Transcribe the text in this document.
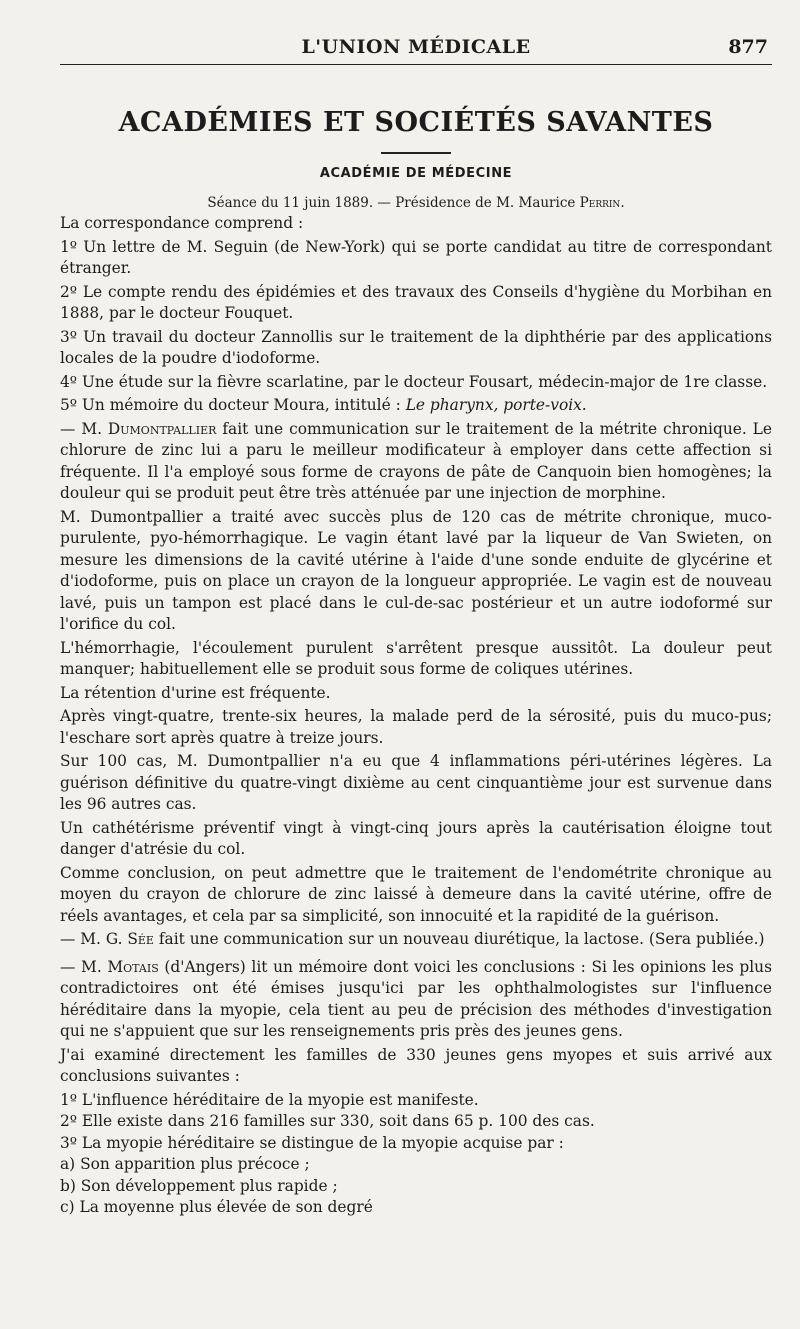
L'UNION MÉDICALE	877
ACADÉMIES ET SOCIÉTÉS SAVANTES
ACADÉMIE DE MÉDECINE
Séance du 11 juin 1889. — Présidence de M. Maurice Perrin.

La correspondance comprend :

1º Un lettre de M. Seguin (de New-York) qui se porte candidat au titre de correspondant étranger.

2º Le compte rendu des épidémies et des travaux des Conseils d'hygiène du Morbihan en 1888, par le docteur Fouquet.

3º Un travail du docteur Zannollis sur le traitement de la diphthérie par des applications locales de la poudre d'iodoforme.

4º Une étude sur la fièvre scarlatine, par le docteur Fousart, médecin-major de 1re classe.

5º Un mémoire du docteur Moura, intitulé : Le pharynx, porte-voix.

— M. Dumontpallier fait une communication sur le traitement de la métrite chronique. Le chlorure de zinc lui a paru le meilleur modificateur à employer dans cette affection si fréquente. Il l'a employé sous forme de crayons de pâte de Canquoin bien homogènes; la douleur qui se produit peut être très atténuée par une injection de morphine.

M. Dumontpallier a traité avec succès plus de 120 cas de métrite chronique, muco-purulente, pyo-hémorrhagique. Le vagin étant lavé par la liqueur de Van Swieten, on mesure les dimensions de la cavité utérine à l'aide d'une sonde enduite de glycérine et d'iodoforme, puis on place un crayon de la longueur appropriée. Le vagin est de nouveau lavé, puis un tampon est placé dans le cul-de-sac postérieur et un autre iodoformé sur l'orifice du col.

L'hémorrhagie, l'écoulement purulent s'arrêtent presque aussitôt. La douleur peut manquer; habituellement elle se produit sous forme de coliques utérines.

La rétention d'urine est fréquente.

Après vingt-quatre, trente-six heures, la malade perd de la sérosité, puis du muco-pus; l'eschare sort après quatre à treize jours.

Sur 100 cas, M. Dumontpallier n'a eu que 4 inflammations péri-utérines légères. La guérison définitive du quatre-vingt dixième au cent cinquantième jour est survenue dans les 96 autres cas.

Un cathétérisme préventif vingt à vingt-cinq jours après la cautérisation éloigne tout danger d'atrésie du col.

Comme conclusion, on peut admettre que le traitement de l'endométrite chronique au moyen du crayon de chlorure de zinc laissé à demeure dans la cavité utérine, offre de réels avantages, et cela par sa simplicité, son innocuité et la rapidité de la guérison.

— M. G. Sée fait une communication sur un nouveau diurétique, la lactose. (Sera publiée.)

— M. Motais (d'Angers) lit un mémoire dont voici les conclusions : Si les opinions les plus contradictoires ont été émises jusqu'ici par les ophthalmologistes sur l'influence héréditaire dans la myopie, cela tient au peu de précision des méthodes d'investigation qui ne s'appuient que sur les renseignements pris près des jeunes gens.

J'ai examiné directement les familles de 330 jeunes gens myopes et suis arrivé aux conclusions suivantes :

1º L'influence héréditaire de la myopie est manifeste.

2º Elle existe dans 216 familles sur 330, soit dans 65 p. 100 des cas.

3º La myopie héréditaire se distingue de la myopie acquise par :

a) Son apparition plus précoce ;

b) Son développement plus rapide ;

c) La moyenne plus élevée de son degré
